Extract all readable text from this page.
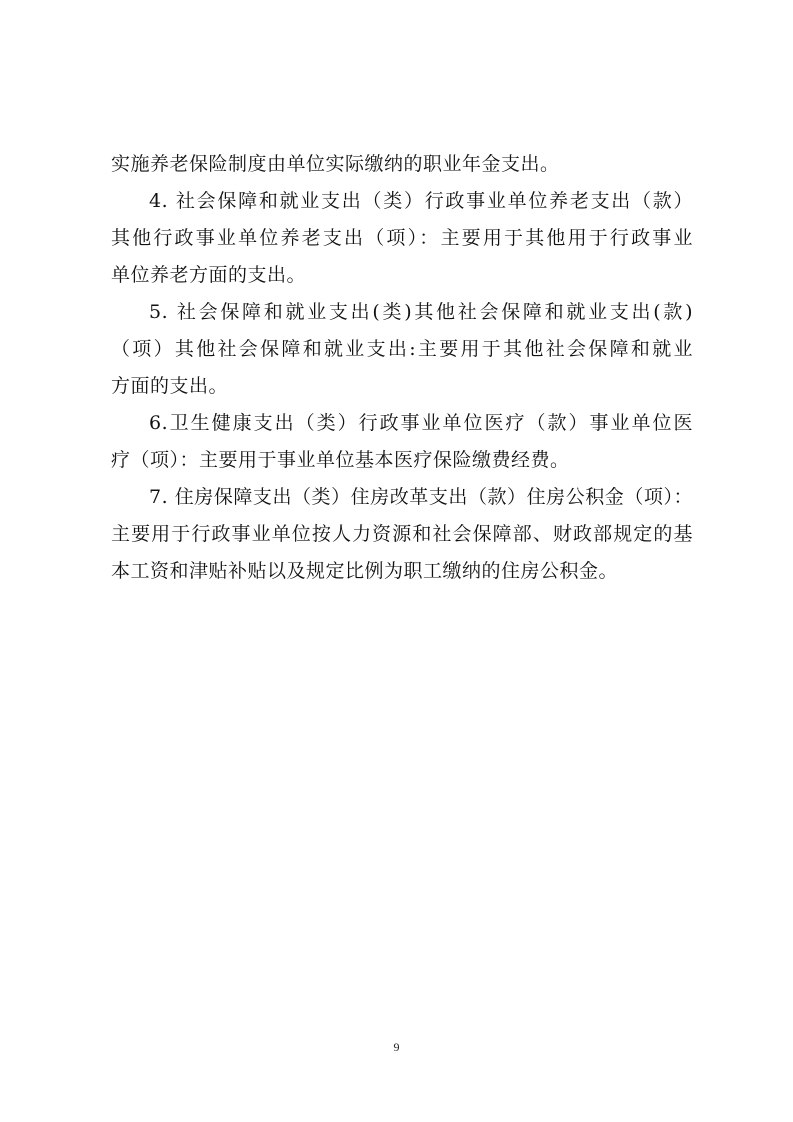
实施养老保险制度由单位实际缴纳的职业年金支出。
4. 社会保障和就业支出（类）行政事业单位养老支出（款）
其他行政事业单位养老支出（项）：主要用于其他用于行政事业
单位养老方面的支出。
5. 社会保障和就业支出(类)其他社会保障和就业支出(款)
（项）其他社会保障和就业支出:主要用于其他社会保障和就业
方面的支出。
6.卫生健康支出（类）行政事业单位医疗（款）事业单位医
疗（项）：主要用于事业单位基本医疗保险缴费经费。
7. 住房保障支出（类）住房改革支出（款）住房公积金（项）：
主要用于行政事业单位按人力资源和社会保障部、财政部规定的基
本工资和津贴补贴以及规定比例为职工缴纳的住房公积金。
9
